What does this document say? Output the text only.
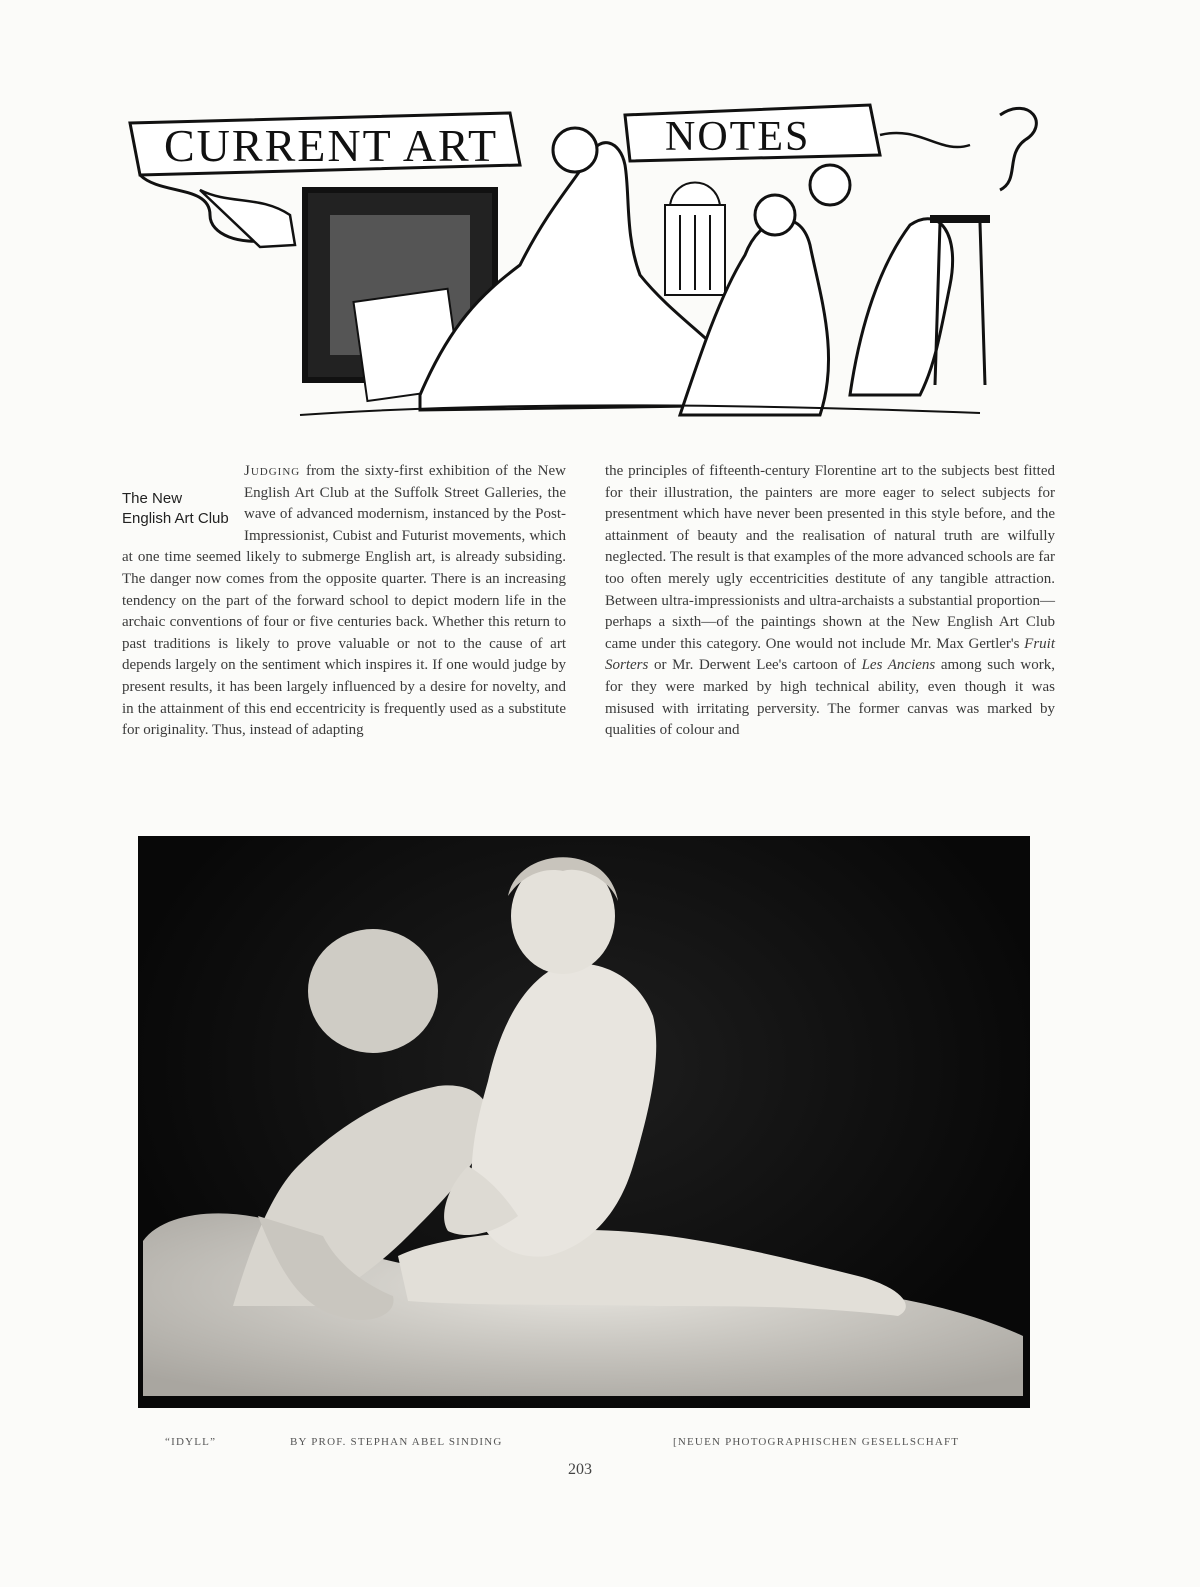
CURRENT ART	NOTES
The New English Art Club

Judging from the sixty-first exhibition of the New English Art Club at the Suffolk Street Galleries, the wave of advanced modernism, instanced by the Post-Impressionist, Cubist and Futurist movements, which at one time seemed likely to submerge English art, is already subsiding. The danger now comes from the opposite quarter. There is an increasing tendency on the part of the forward school to depict modern life in the archaic conventions of four or five centuries back. Whether this return to past traditions is likely to prove valuable or not to the cause of art depends largely on the sentiment which inspires it. If one would judge by present results, it has been largely influenced by a desire for novelty, and in the attainment of this end eccentricity is frequently used as a substitute for originality. Thus, instead of adapting

the principles of fifteenth-century Florentine art to the subjects best fitted for their illustration, the painters are more eager to select subjects for presentment which have never been presented in this style before, and the attainment of beauty and the realisation of natural truth are wilfully neglected. The result is that examples of the more advanced schools are far too often merely ugly eccentricities destitute of any tangible attraction. Between ultra-impressionists and ultra-archaists a substantial proportion—perhaps a sixth—of the paintings shown at the New English Art Club came under this category. One would not include Mr. Max Gertler's Fruit Sorters or Mr. Derwent Lee's cartoon of Les Anciens among such work, for they were marked by high technical ability, even though it was misused with irritating perversity. The former canvas was marked by qualities of colour and

“IDYLL”	BY PROF. STEPHAN ABEL SINDING	[NEUEN PHOTOGRAPHISCHEN GESELLSCHAFT
203
